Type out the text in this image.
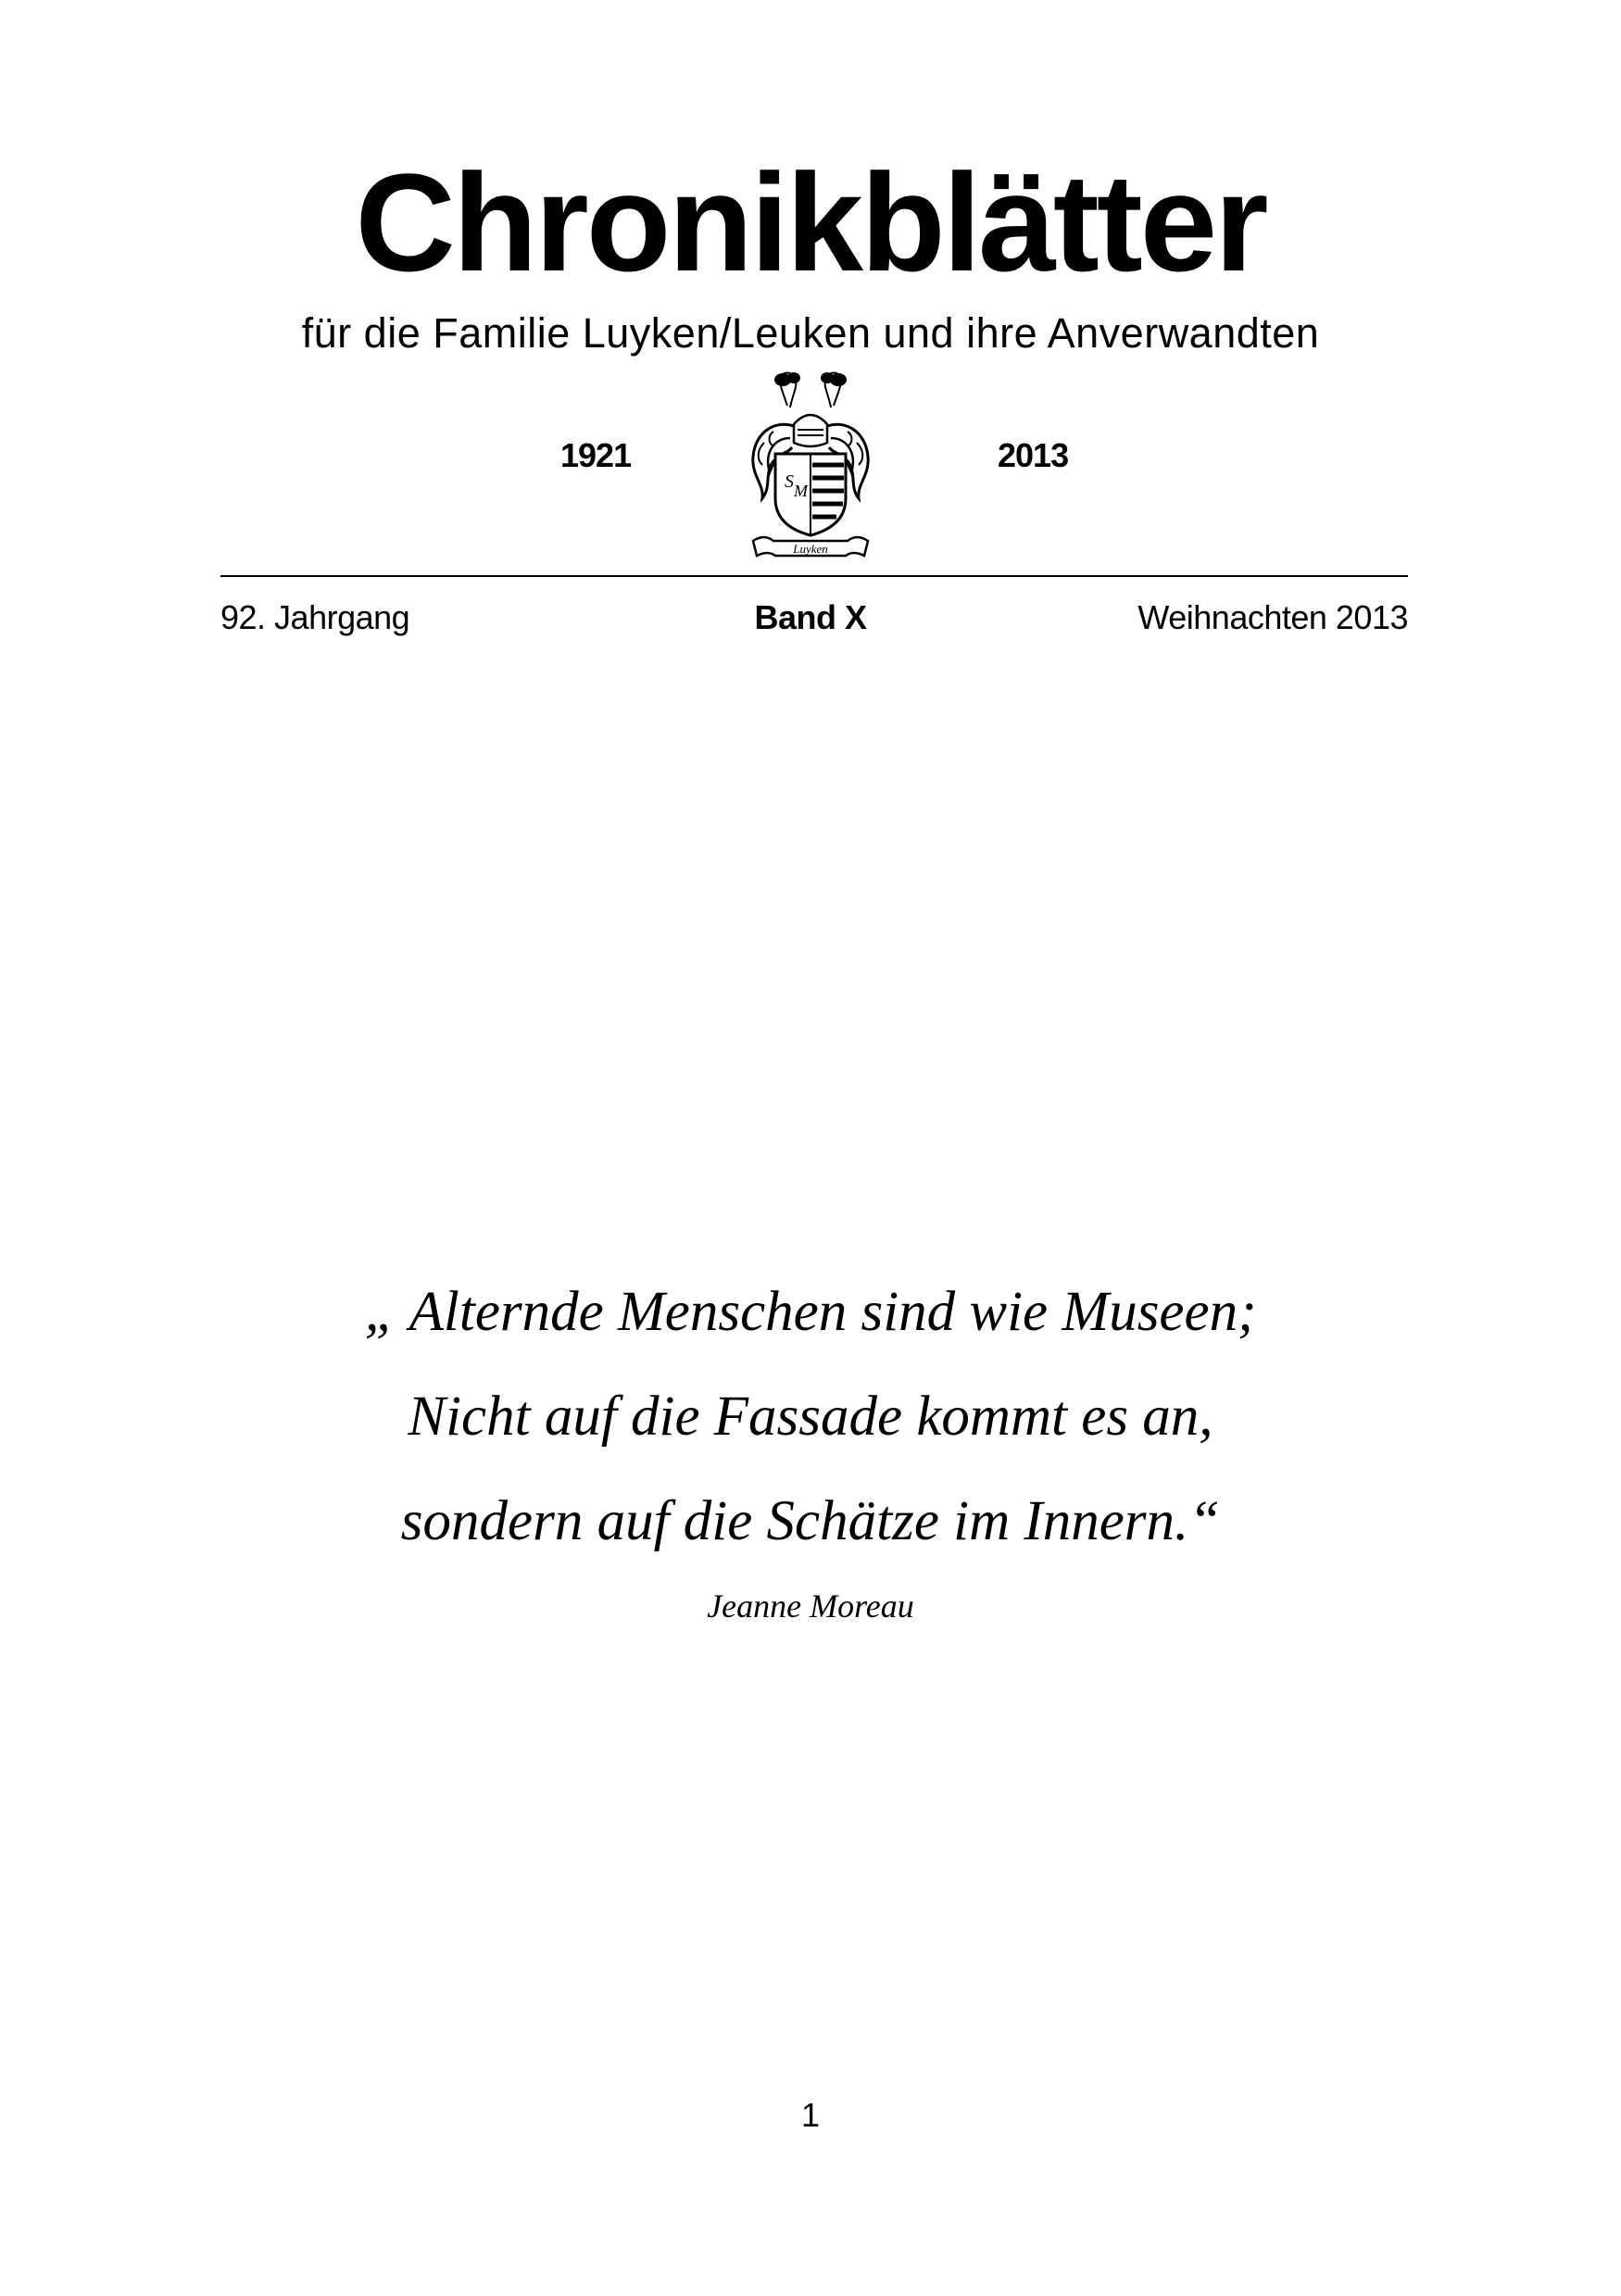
Chronikblätter
für die Familie Luyken/Leuken und ihre Anverwandten
1921
S M
Luyken
2013
92. Jahrgang	Band X	Weihnachten 2013
„ Alternde Menschen sind wie Museen;
Nicht auf die Fassade kommt es an,
sondern auf die Schätze im Innern.“
Jeanne Moreau
1
